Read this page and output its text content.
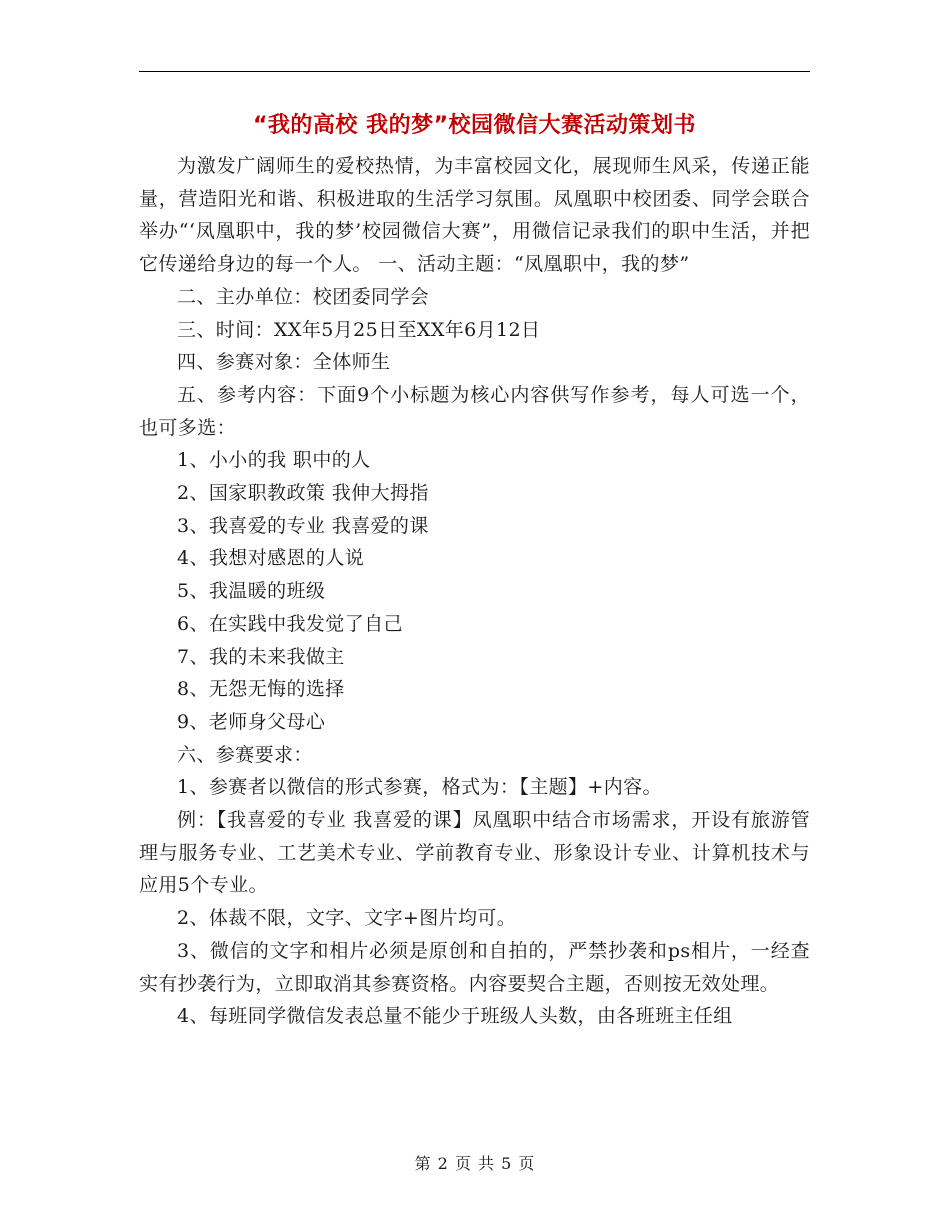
“我的高校 我的梦”校园微信大赛活动策划书

为激发广阔师生的爱校热情，为丰富校园文化，展现师生风采，传递正能量，营造阳光和谐、积极进取的生活学习氛围。凤凰职中校团委、同学会联合举办“‘凤凰职中，我的梦’校园微信大赛”，用微信记录我们的职中生活，并把它传递给身边的每一个人。 一、活动主题：“凤凰职中，我的梦”

二、主办单位：校团委同学会

三、时间：XX年5月25日至XX年6月12日

四、参赛对象：全体师生

五、参考内容：下面9个小标题为核心内容供写作参考，每人可选一个，也可多选：

1、小小的我 职中的人

2、国家职教政策 我伸大拇指

3、我喜爱的专业 我喜爱的课

4、我想对感恩的人说

5、我温暖的班级

6、在实践中我发觉了自己

7、我的未来我做主

8、无怨无悔的选择

9、老师身父母心

六、参赛要求：

1、参赛者以微信的形式参赛，格式为：【主题】+内容。

例：【我喜爱的专业 我喜爱的课】凤凰职中结合市场需求，开设有旅游管理与服务专业、工艺美术专业、学前教育专业、形象设计专业、计算机技术与应用5个专业。

2、体裁不限，文字、文字+图片均可。

3、微信的文字和相片必须是原创和自拍的，严禁抄袭和ps相片，一经查实有抄袭行为，立即取消其参赛资格。内容要契合主题，否则按无效处理。

4、每班同学微信发表总量不能少于班级人头数，由各班班主任组

第 2 页 共 5 页
